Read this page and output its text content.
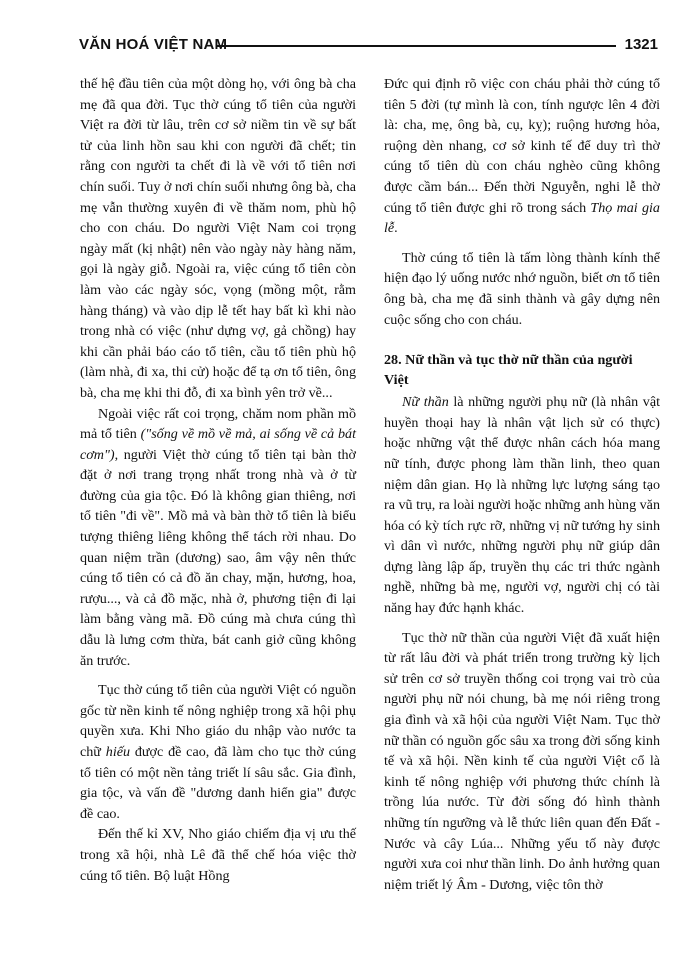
VĂN HOÁ VIỆT NAM	1321

thế hệ đầu tiên của một dòng họ, với ông bà cha mẹ đã qua đời. Tục thờ cúng tổ tiên của người Việt ra đời từ lâu, trên cơ sở niềm tin về sự bất tử của linh hồn sau khi con người đã chết; tin rằng con người ta chết đi là về với tổ tiên nơi chín suối. Tuy ở nơi chín suối nhưng ông bà, cha mẹ vẫn thường xuyên đi về thăm nom, phù hộ cho con cháu. Do người Việt Nam coi trọng ngày mất (kị nhật) nên vào ngày này hàng năm, gọi là ngày giỗ. Ngoài ra, việc cúng tổ tiên còn làm vào các ngày sóc, vọng (mồng một, rằm hàng tháng) và vào dịp lễ tết hay bất kì khi nào trong nhà có việc (như dựng vợ, gả chồng) hay khi cần phải báo cáo tổ tiên, cầu tổ tiên phù hộ (làm nhà, đi xa, thi cử) hoặc để tạ ơn tổ tiên, ông bà, cha mẹ khi thi đỗ, đi xa bình yên trở về...

Ngoài việc rất coi trọng, chăm nom phần mồ mả tổ tiên ("sống về mồ về mả, ai sống về cả bát cơm"), người Việt thờ cúng tổ tiên tại bàn thờ đặt ở nơi trang trọng nhất trong nhà và ở từ đường của gia tộc. Đó là không gian thiêng, nơi tổ tiên "đi về". Mồ mả và bàn thờ tổ tiên là biểu tượng thiêng liêng không thể tách rời nhau. Do quan niệm trần (dương) sao, âm vậy nên thức cúng tổ tiên có cả đồ ăn chay, mặn, hương, hoa, rượu..., và cả đồ mặc, nhà ở, phương tiện đi lại làm bằng vàng mã. Đồ cúng mà chưa cúng thì dẫu là lưng cơm thừa, bát canh giở cũng không ăn trước.

Tục thờ cúng tổ tiên của người Việt có nguồn gốc từ nền kinh tế nông nghiệp trong xã hội phụ quyền xưa. Khi Nho giáo du nhập vào nước ta chữ hiếu được đề cao, đã làm cho tục thờ cúng tổ tiên có một nền tảng triết lí sâu sắc. Gia đình, gia tộc, và vấn đề "dương danh hiển gia" được đề cao.

Đến thế kỉ XV, Nho giáo chiếm địa vị ưu thế trong xã hội, nhà Lê đã thể chế hóa việc thờ cúng tổ tiên. Bộ luật Hồng

Đức qui định rõ việc con cháu phải thờ cúng tổ tiên 5 đời (tự mình là con, tính ngược lên 4 đời là: cha, mẹ, ông bà, cụ, kỵ); ruộng hương hỏa, ruộng dèn nhang, cơ sở kinh tế để duy trì thờ cúng tổ tiên dù con cháu nghèo cũng không được cầm bán... Đến thời Nguyễn, nghi lễ thờ cúng tổ tiên được ghi rõ trong sách Thọ mai gia lễ.

Thờ cúng tổ tiên là tấm lòng thành kính thể hiện đạo lý uống nước nhớ nguồn, biết ơn tổ tiên ông bà, cha mẹ đã sinh thành và gây dựng nên cuộc sống cho con cháu.

28. Nữ thần và tục thờ nữ thần của người Việt

Nữ thần là những người phụ nữ (là nhân vật huyền thoại hay là nhân vật lịch sử có thực) hoặc những vật thể được nhân cách hóa mang nữ tính, được phong làm thần linh, theo quan niệm dân gian. Họ là những lực lượng sáng tạo ra vũ trụ, ra loài người hoặc những anh hùng văn hóa có kỳ tích rực rỡ, những vị nữ tướng hy sinh vì dân vì nước, những người phụ nữ giúp dân dựng làng lập ấp, truyền thụ các tri thức ngành nghề, những bà mẹ, người vợ, người chị có tài năng hay đức hạnh khác.

Tục thờ nữ thần của người Việt đã xuất hiện từ rất lâu đời và phát triển trong trường kỳ lịch sử trên cơ sở truyền thống coi trọng vai trò của người phụ nữ nói chung, bà mẹ nói riêng trong gia đình và xã hội của người Việt Nam. Tục thờ nữ thần có nguồn gốc sâu xa trong đời sống kinh tế và xã hội. Nền kinh tế của người Việt cổ là kinh tế nông nghiệp với phương thức chính là trồng lúa nước. Từ đời sống đó hình thành những tín ngưỡng và lễ thức liên quan đến Đất - Nước và cây Lúa... Những yếu tố này được người xưa coi như thần linh. Do ảnh hưởng quan niệm triết lý Âm - Dương, việc tôn thờ
